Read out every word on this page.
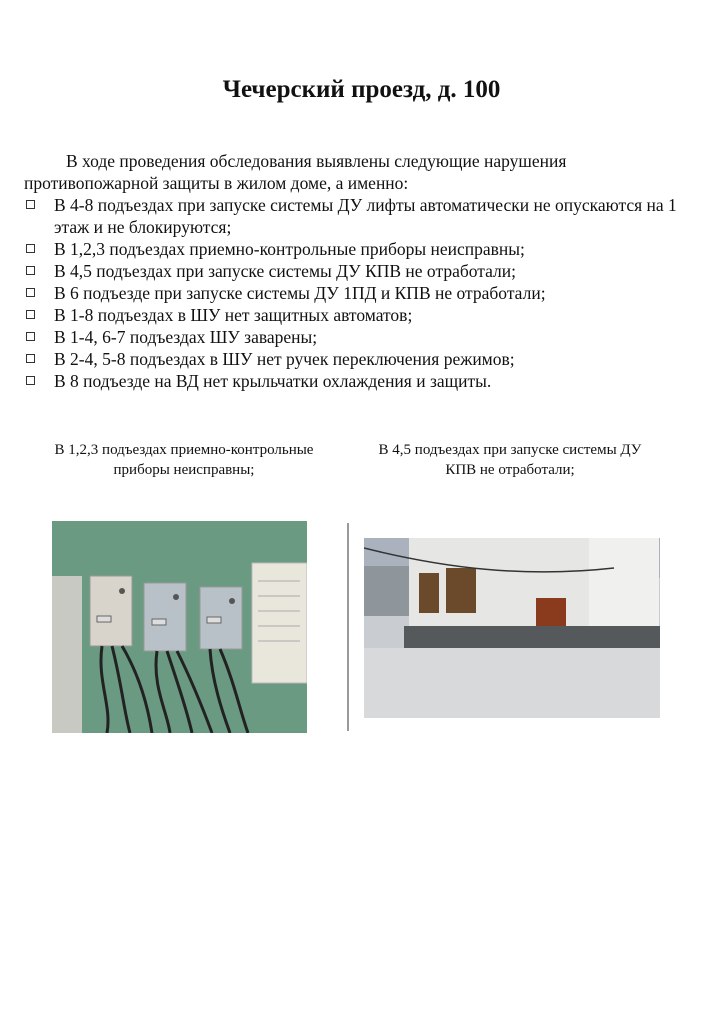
Чечерский проезд, д. 100
В ходе проведения обследования выявлены следующие нарушения
противопожарной защиты в жилом доме, а именно:
В 4-8 подъездах при запуске системы ДУ лифты автоматически не опускаются на 1 этаж и не блокируются;
В 1,2,3 подъездах приемно-контрольные приборы неисправны;
В 4,5 подъездах при запуске системы ДУ КПВ не отработали;
В 6 подъезде при запуске системы ДУ 1ПД и КПВ не отработали;
В 1-8 подъездах в ШУ нет защитных автоматов;
В 1-4, 6-7 подъездах ШУ заварены;
В 2-4, 5-8 подъездах в ШУ нет ручек переключения режимов;
В 8 подъезде на ВД нет крыльчатки охлаждения и защиты.
В 1,2,3 подъездах приемно-контрольные
приборы неисправны;
В 4,5 подъездах при запуске системы ДУ
КПВ не отработали;
